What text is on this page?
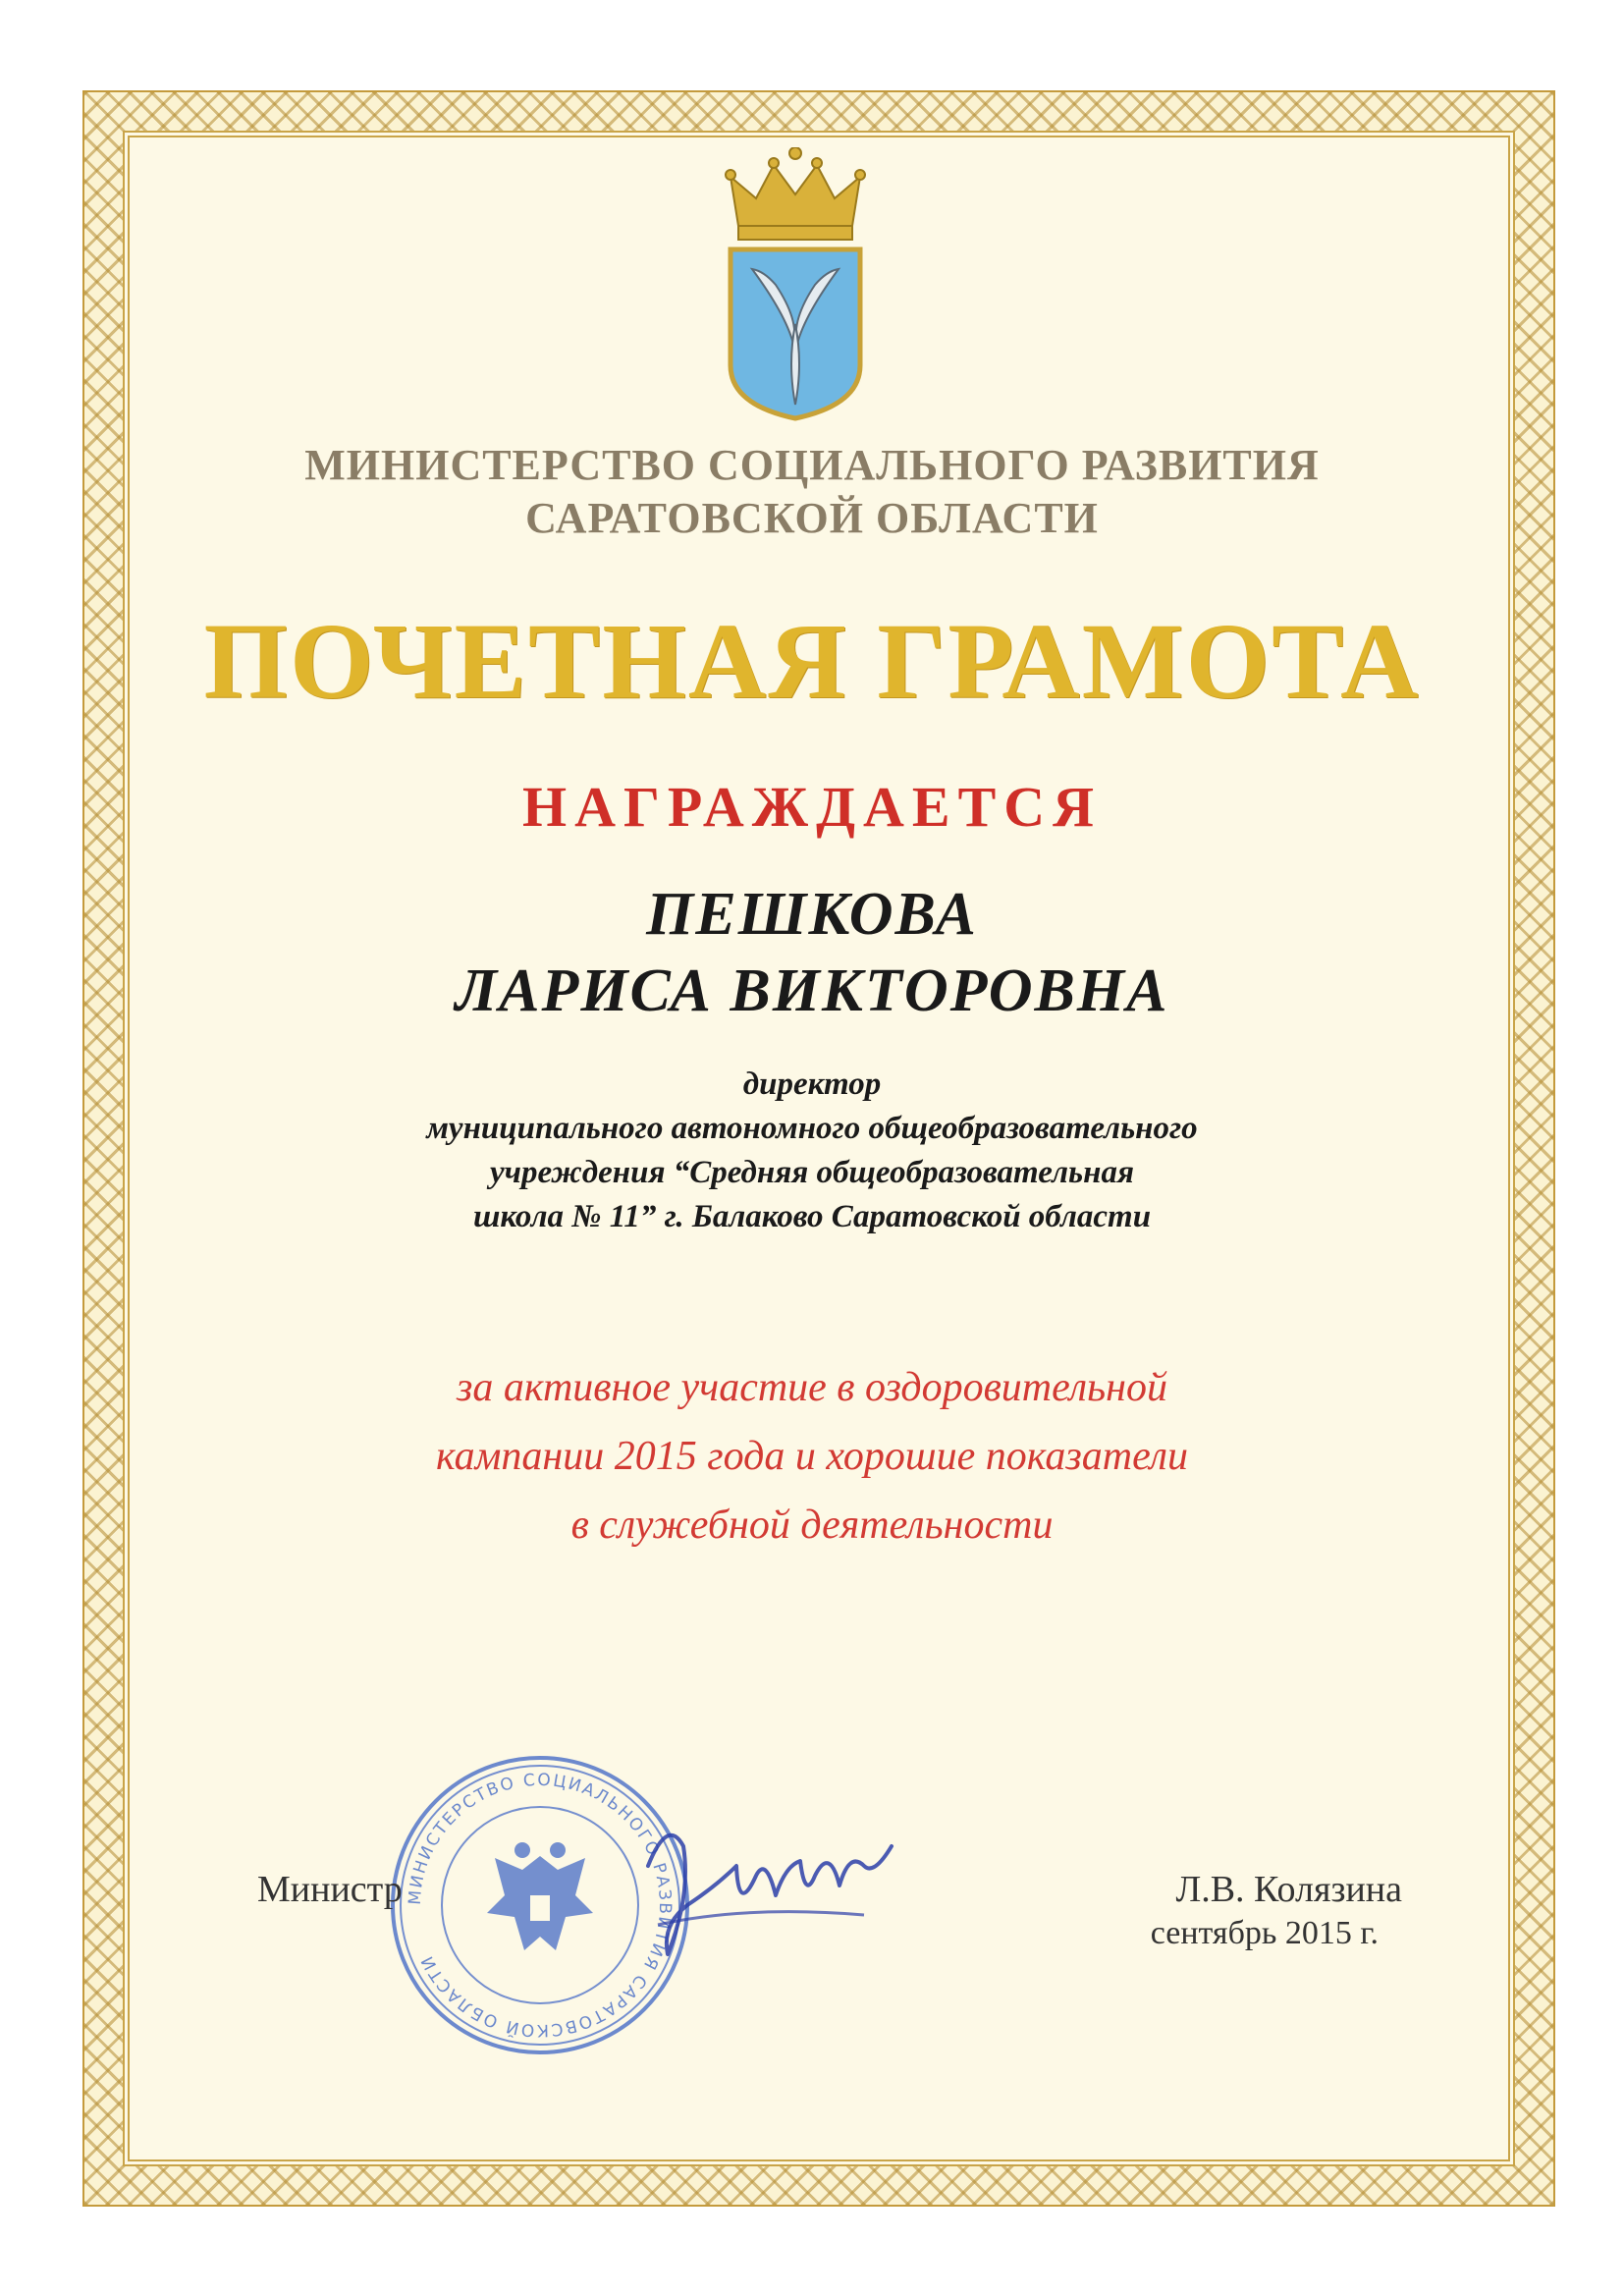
МИНИСТЕРСТВО СОЦИАЛЬНОГО РАЗВИТИЯ
САРАТОВСКОЙ ОБЛАСТИ
ПОЧЕТНАЯ ГРАМОТА
НАГРАЖДАЕТСЯ
ПЕШКОВА
ЛАРИСА ВИКТОРОВНА
директор
муниципального автономного общеобразовательного
учреждения “Средняя общеобразовательная
школа № 11” г. Балаково Саратовской области
за активное участие в оздоровительной
кампании 2015 года и хорошие показатели
в служебной деятельности
МИНИСТЕРСТВО СОЦИАЛЬНОГО РАЗВИТИЯ САРАТОВСКОЙ ОБЛАСТИ
Министр	Л.В. Колязина
сентябрь 2015 г.
